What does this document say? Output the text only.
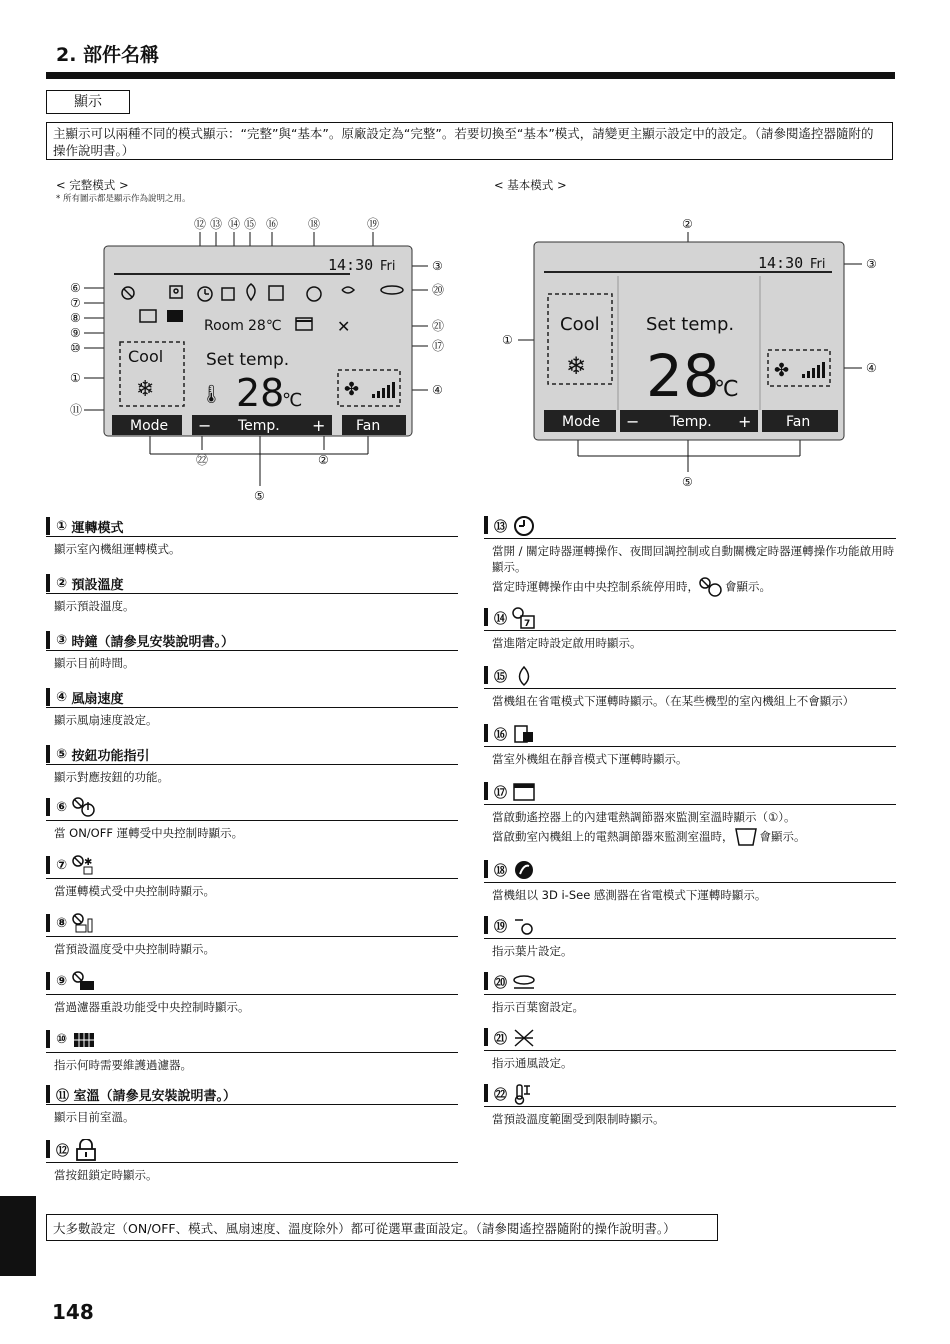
2. 部件名稱
顯示
主顯示可以兩種不同的模式顯示：“完整”與“基本”。原廠設定為“完整”。若要切換至“基本”模式，請變更主顯示設定中的設定。（請參閱遙控器隨附的操作說明書。）
< 完整模式 >
* 所有圖示都是顯示作為說明之用。
< 基本模式 >
14:30 Fri
Room 28℃	✕
Cool
❄
Set temp.
28
℃
🌡	✤
Mode − Temp. + Fan
⑫ ⑬ ⑭ ⑮ ⑯ ⑱	⑲
⑥
⑦
⑧
⑨
⑩
①
⑪
③
⑳
㉑
⑰
④
㉒	②
⑤
14:30 Fri
Cool
❄
Set temp.
28
℃
✤
Mode − Temp. + Fan
②
③
①
④
⑤
①
運轉模式
顯示室內機組運轉模式。
②
預設溫度
顯示預設溫度。
③
時鐘（請參見安裝說明書。）
顯示目前時間。
④
風扇速度
顯示風扇速度設定。
⑤
按鈕功能指引
顯示對應按鈕的功能。
⑥

當 ON/OFF 運轉受中央控制時顯示。
⑦
✱
當運轉模式受中央控制時顯示。
⑧

當預設溫度受中央控制時顯示。
⑨

當過濾器重設功能受中央控制時顯示。
⑩

指示何時需要維護過濾器。
⑪
室溫（請參見安裝說明書。）
顯示目前室溫。
⑫

當按鈕鎖定時顯示。
⑬

當開 / 關定時器運轉操作、夜間回調控制或自動關機定時器運轉操作功能啟用時顯示。
當定時運轉操作由中央控制系統停用時， 會顯示。
⑭
7
當進階定時設定啟用時顯示。
⑮

當機組在省電模式下運轉時顯示。（在某些機型的室內機組上不會顯示）
⑯

當室外機組在靜音模式下運轉時顯示。
⑰

當啟動遙控器上的內建電熱調節器來監測室溫時顯示（①）。
當啟動室內機組上的電熱調節器來監測室溫時， 會顯示。
⑱

當機組以 3D i-See 感測器在省電模式下運轉時顯示。
⑲

指示葉片設定。
⑳

指示百葉窗設定。
㉑

指示通風設定。
㉒

當預設溫度範圍受到限制時顯示。
大多數設定（ON/OFF、模式、風扇速度、溫度除外）都可從選單畫面設定。（請參閱遙控器隨附的操作說明書。）
148
